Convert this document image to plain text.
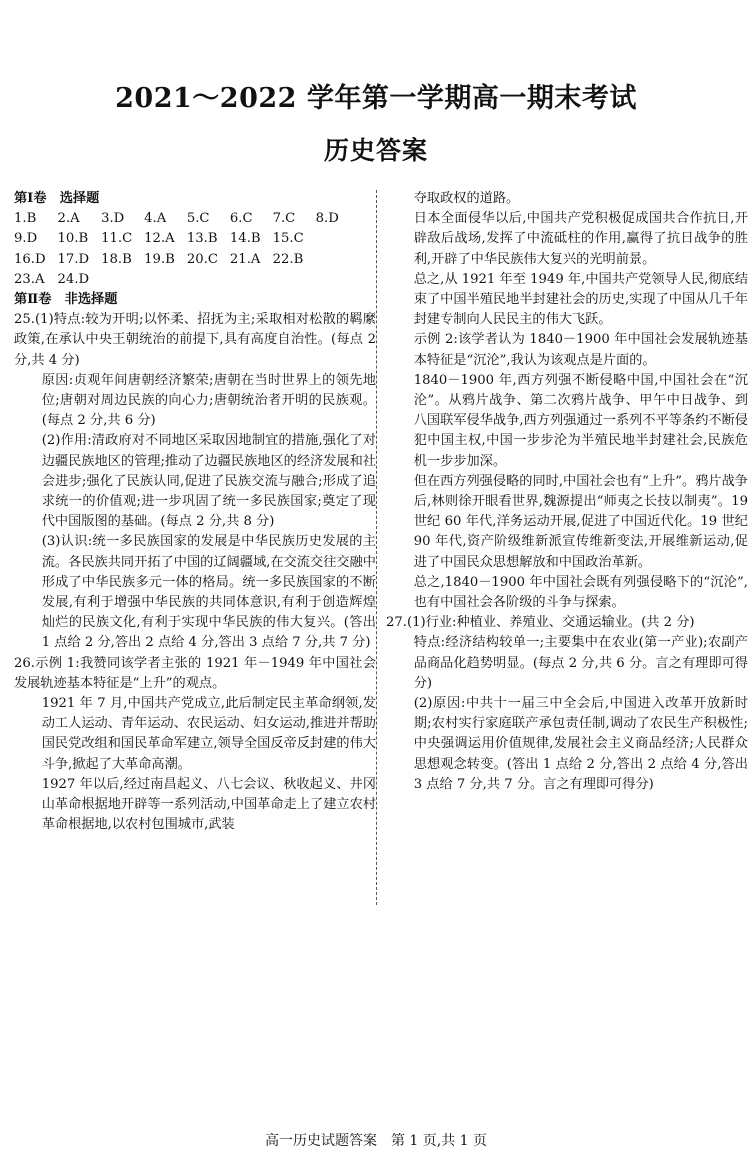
2021～2022 学年第一学期高一期末考试
历史答案

第Ⅰ卷　选择题

1.B	2.A	3.D	4.A	5.C	6.C	7.C	8.D
9.D	10.B 11.C 12.A 13.B 14.B 15.C
16.D 17.D 18.B 19.B 20.C 21.A 22.B
23.A 24.D

第Ⅱ卷　非选择题

25.(1)特点:较为开明;以怀柔、招抚为主;采取相对松散的羁縻政策,在承认中央王朝统治的前提下,具有高度自治性。(每点 2 分,共 4 分)

原因:贞观年间唐朝经济繁荣;唐朝在当时世界上的领先地位;唐朝对周边民族的向心力;唐朝统治者开明的民族观。(每点 2 分,共 6 分)

(2)作用:清政府对不同地区采取因地制宜的措施,强化了对边疆民族地区的管理;推动了边疆民族地区的经济发展和社会进步;强化了民族认同,促进了民族交流与融合;形成了追求统一的价值观;进一步巩固了统一多民族国家;奠定了现代中国版图的基础。(每点 2 分,共 8 分)

(3)认识:统一多民族国家的发展是中华民族历史发展的主流。各民族共同开拓了中国的辽阔疆域,在交流交往交融中形成了中华民族多元一体的格局。统一多民族国家的不断发展,有利于增强中华民族的共同体意识,有利于创造辉煌灿烂的民族文化,有利于实现中华民族的伟大复兴。(答出 1 点给 2 分,答出 2 点给 4 分,答出 3 点给 7 分,共 7 分)

26.示例 1:我赞同该学者主张的 1921 年－1949 年中国社会发展轨迹基本特征是“上升”的观点。

1921 年 7 月,中国共产党成立,此后制定民主革命纲领,发动工人运动、青年运动、农民运动、妇女运动,推进并帮助国民党改组和国民革命军建立,领导全国反帝反封建的伟大斗争,掀起了大革命高潮。

1927 年以后,经过南昌起义、八七会议、秋收起义、井冈山革命根据地开辟等一系列活动,中国革命走上了建立农村革命根据地,以农村包围城市,武装

夺取政权的道路。

日本全面侵华以后,中国共产党积极促成国共合作抗日,开辟敌后战场,发挥了中流砥柱的作用,赢得了抗日战争的胜利,开辟了中华民族伟大复兴的光明前景。

总之,从 1921 年至 1949 年,中国共产党领导人民,彻底结束了中国半殖民地半封建社会的历史,实现了中国从几千年封建专制向人民民主的伟大飞跃。

示例 2:该学者认为 1840－1900 年中国社会发展轨迹基本特征是“沉沦”,我认为该观点是片面的。

1840－1900 年,西方列强不断侵略中国,中国社会在“沉沦”。从鸦片战争、第二次鸦片战争、甲午中日战争、到八国联军侵华战争,西方列强通过一系列不平等条约不断侵犯中国主权,中国一步步沦为半殖民地半封建社会,民族危机一步步加深。

但在西方列强侵略的同时,中国社会也有“上升”。鸦片战争后,林则徐开眼看世界,魏源提出“师夷之长技以制夷”。19 世纪 60 年代,洋务运动开展,促进了中国近代化。19 世纪 90 年代,资产阶级维新派宣传维新变法,开展维新运动,促进了中国民众思想解放和中国政治革新。

总之,1840－1900 年中国社会既有列强侵略下的“沉沦”,也有中国社会各阶级的斗争与探索。

27.(1)行业:种植业、养殖业、交通运输业。(共 2 分)

特点:经济结构较单一;主要集中在农业(第一产业);农副产品商品化趋势明显。(每点 2 分,共 6 分。言之有理即可得分)

(2)原因:中共十一届三中全会后,中国进入改革开放新时期;农村实行家庭联产承包责任制,调动了农民生产积极性;中央强调运用价值规律,发展社会主义商品经济;人民群众思想观念转变。(答出 1 点给 2 分,答出 2 点给 4 分,答出 3 点给 7 分,共 7 分。言之有理即可得分)

高一历史试题答案　第 1 页,共 1 页
